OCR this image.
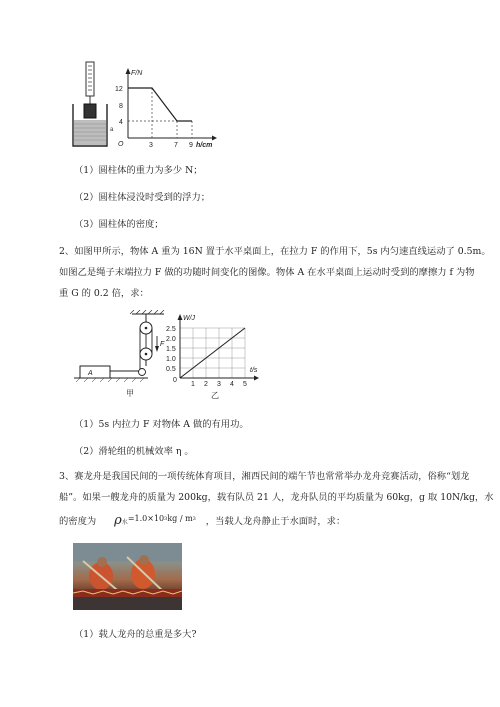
a
F/N
12
8
4
O	3	7 9 h/cm
（1）圆柱体的重力为多少 N；
（2）圆柱体浸没时受到的浮力；
（3）圆柱体的密度；
2、如图甲所示，物体 A 重为 16N 置于水平桌面上，在拉力 F 的作用下，5s 内匀速直线运动了 0.5m。
如图乙是绳子末端拉力 F 做的功随时间变化的图像。物体 A 在水平桌面上运动时受到的摩擦力 f 为物
重 G 的 0.2 倍，求：
F
A
甲
W/J
t/s
0
1 2 3 4 5
0.5
1.0
1.5
2.0
2.5
乙
（1）5s 内拉力 F 对物体 A 做的有用功。
（2）滑轮组的机械效率 η 。
3、赛龙舟是我国民间的一项传统体育项目，湘西民间的端午节也常常举办龙舟竞赛活动，俗称“划龙
船”。如果一艘龙舟的质量为 200kg，载有队员 21 人，龙舟队员的平均质量为 60kg，g 取 10N/kg，水
的密度为 ρ水$=1.0\times 10^3kg / m^3$ ，当载人龙舟静止于水面时，求：
（1）载人龙舟的总重是多大?
